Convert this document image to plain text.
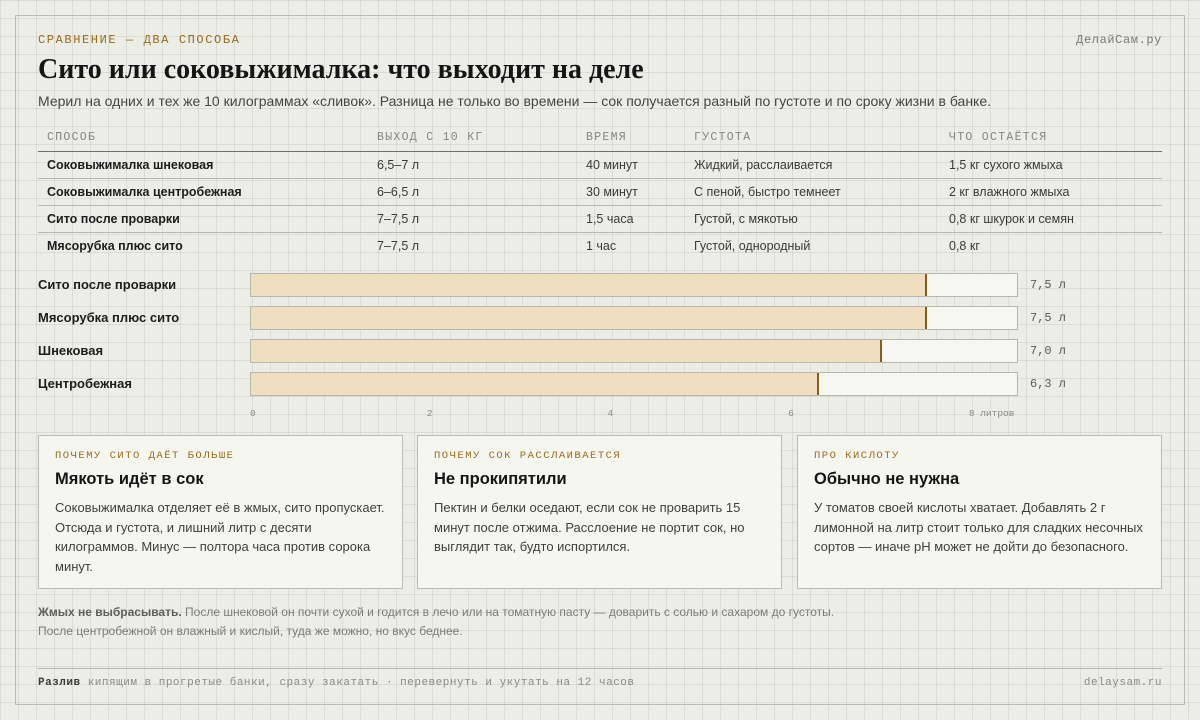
СРАВНЕНИЕ — ДВА СПОСОБА	ДелайСам.ру
Сито или соковыжималка: что выходит на деле

Мерил на одних и тех же 10 килограммах «сливок». Разница не только во времени — сок получается разный по густоте и по сроку жизни в банке.

СПОСОБ	ВЫХОД С 10 КГ	ВРЕМЯ	ГУСТОТА	ЧТО ОСТАЁТСЯ
Соковыжималка шнековая	6,5–7 л	40 минут	Жидкий, расслаивается	1,5 кг сухого жмыха
Соковыжималка центробежная	6–6,5 л	30 минут	С пеной, быстро темнеет	2 кг влажного жмыха
Сито после проварки	7–7,5 л	1,5 часа	Густой, с мякотью	0,8 кг шкурок и семян
Мясорубка плюс сито	7–7,5 л	1 час	Густой, однородный	0,8 кг
Сито после проварки	7,5 л
Мясорубка плюс сито	7,5 л
Шнековая	7,0 л
Центробежная	6,3 л
0	2	4	6	8 литров
ПОЧЕМУ СИТО ДАЁТ БОЛЬШЕ
Мякоть идёт в сок
Соковыжималка отделяет её в жмых, сито пропускает. Отсюда и густота, и лишний литр с десяти килограммов. Минус — полтора часа против сорока минут.
ПОЧЕМУ СОК РАССЛАИВАЕТСЯ
Не прокипятили
Пектин и белки оседают, если сок не проварить 15 минут после отжима. Расслоение не портит сок, но выглядит так, будто испортился.
ПРО КИСЛОТУ
Обычно не нужна
У томатов своей кислоты хватает. Добавлять 2 г лимонной на литр стоит только для сладких несочных сортов — иначе pH может не дойти до безопасного.

Жмых не выбрасывать. После шнековой он почти сухой и годится в лечо или на томатную пасту — доварить с солью и сахаром до густоты. После центробежной он влажный и кислый, туда же можно, но вкус беднее.

Разлив кипящим в прогретые банки, сразу закатать · перевернуть и укутать на 12 часов	delaysam.ru
